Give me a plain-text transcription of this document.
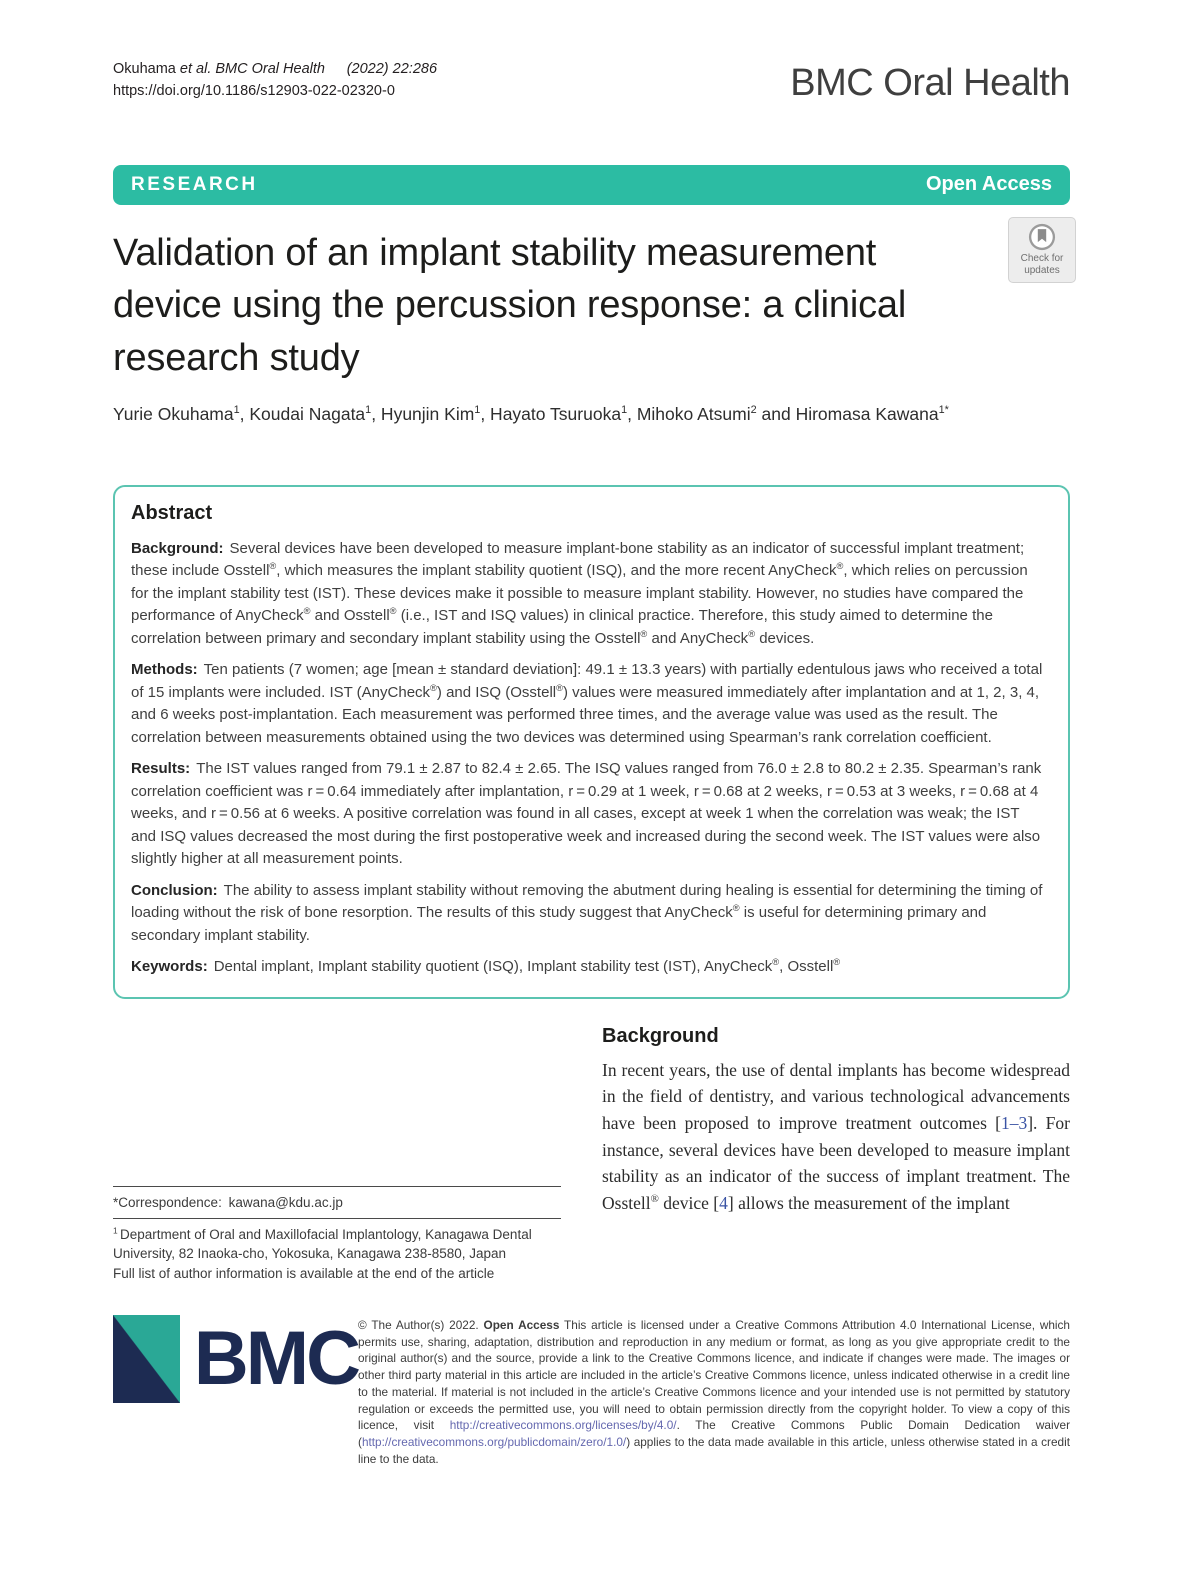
Okuhama et al. BMC Oral Health   (2022) 22:286
https://doi.org/10.1186/s12903-022-02320-0	BMC Oral Health
RESEARCH	Open Access
Validation of an implant stability measurement device using the percussion response: a clinical research study
Check for
updates

Yurie Okuhama$^1$, Koudai Nagata$^1$, Hyunjin Kim$^1$, Hayato Tsuruoka$^1$, Mihoko Atsumi$^2$ and Hiromasa Kawana$^{1*}$

Abstract

Background: Several devices have been developed to measure implant-bone stability as an indicator of successful implant treatment; these include Osstell®, which measures the implant stability quotient (ISQ), and the more recent AnyCheck®, which relies on percussion for the implant stability test (IST). These devices make it possible to measure implant stability. However, no studies have compared the performance of AnyCheck® and Osstell® (i.e., IST and ISQ values) in clinical practice. Therefore, this study aimed to determine the correlation between primary and secondary implant stability using the Osstell® and AnyCheck® devices.

Methods: Ten patients (7 women; age [mean ± standard deviation]: 49.1 ± 13.3 years) with partially edentulous jaws who received a total of 15 implants were included. IST (AnyCheck®) and ISQ (Osstell®) values were measured immediately after implantation and at 1, 2, 3, 4, and 6 weeks post-implantation. Each measurement was performed three times, and the average value was used as the result. The correlation between measurements obtained using the two devices was determined using Spearman’s rank correlation coefficient.

Results: The IST values ranged from 79.1 ± 2.87 to 82.4 ± 2.65. The ISQ values ranged from 76.0 ± 2.8 to 80.2 ± 2.35. Spearman’s rank correlation coefficient was r = 0.64 immediately after implantation, r = 0.29 at 1 week, r = 0.68 at 2 weeks, r = 0.53 at 3 weeks, r = 0.68 at 4 weeks, and r = 0.56 at 6 weeks. A positive correlation was found in all cases, except at week 1 when the correlation was weak; the IST and ISQ values decreased the most during the first postoperative week and increased during the second week. The IST values were also slightly higher at all measurement points.

Conclusion: The ability to assess implant stability without removing the abutment during healing is essential for determining the timing of loading without the risk of bone resorption. The results of this study suggest that AnyCheck® is useful for determining primary and secondary implant stability.

Keywords: Dental implant, Implant stability quotient (ISQ), Implant stability test (IST), AnyCheck®, Osstell®

*Correspondence: kawana@kdu.ac.jp

$^1$ Department of Oral and Maxillofacial Implantology, Kanagawa Dental University, 82 Inaoka-cho, Yokosuka, Kanagawa 238-8580, Japan

Full list of author information is available at the end of the article

Background

In recent years, the use of dental implants has become widespread in the field of dentistry, and various technological advancements have been proposed to improve treatment outcomes [1–3]. For instance, several devices have been developed to measure implant stability as an indicator of the success of implant treatment. The Osstell® device [4] allows the measurement of the implant

BMC © The Author(s) 2022. Open Access This article is licensed under a Creative Commons Attribution 4.0 International License, which permits use, sharing, adaptation, distribution and reproduction in any medium or format, as long as you give appropriate credit to the original author(s) and the source, provide a link to the Creative Commons licence, and indicate if changes were made. The images or other third party material in this article are included in the article’s Creative Commons licence, unless indicated otherwise in a credit line to the material. If material is not included in the article’s Creative Commons licence and your intended use is not permitted by statutory regulation or exceeds the permitted use, you will need to obtain permission directly from the copyright holder. To view a copy of this licence, visit http://creativecommons.org/licenses/by/4.0/. The Creative Commons Public Domain Dedication waiver (http://creativecommons.org/publicdomain/zero/1.0/) applies to the data made available in this article, unless otherwise stated in a credit line to the data.
